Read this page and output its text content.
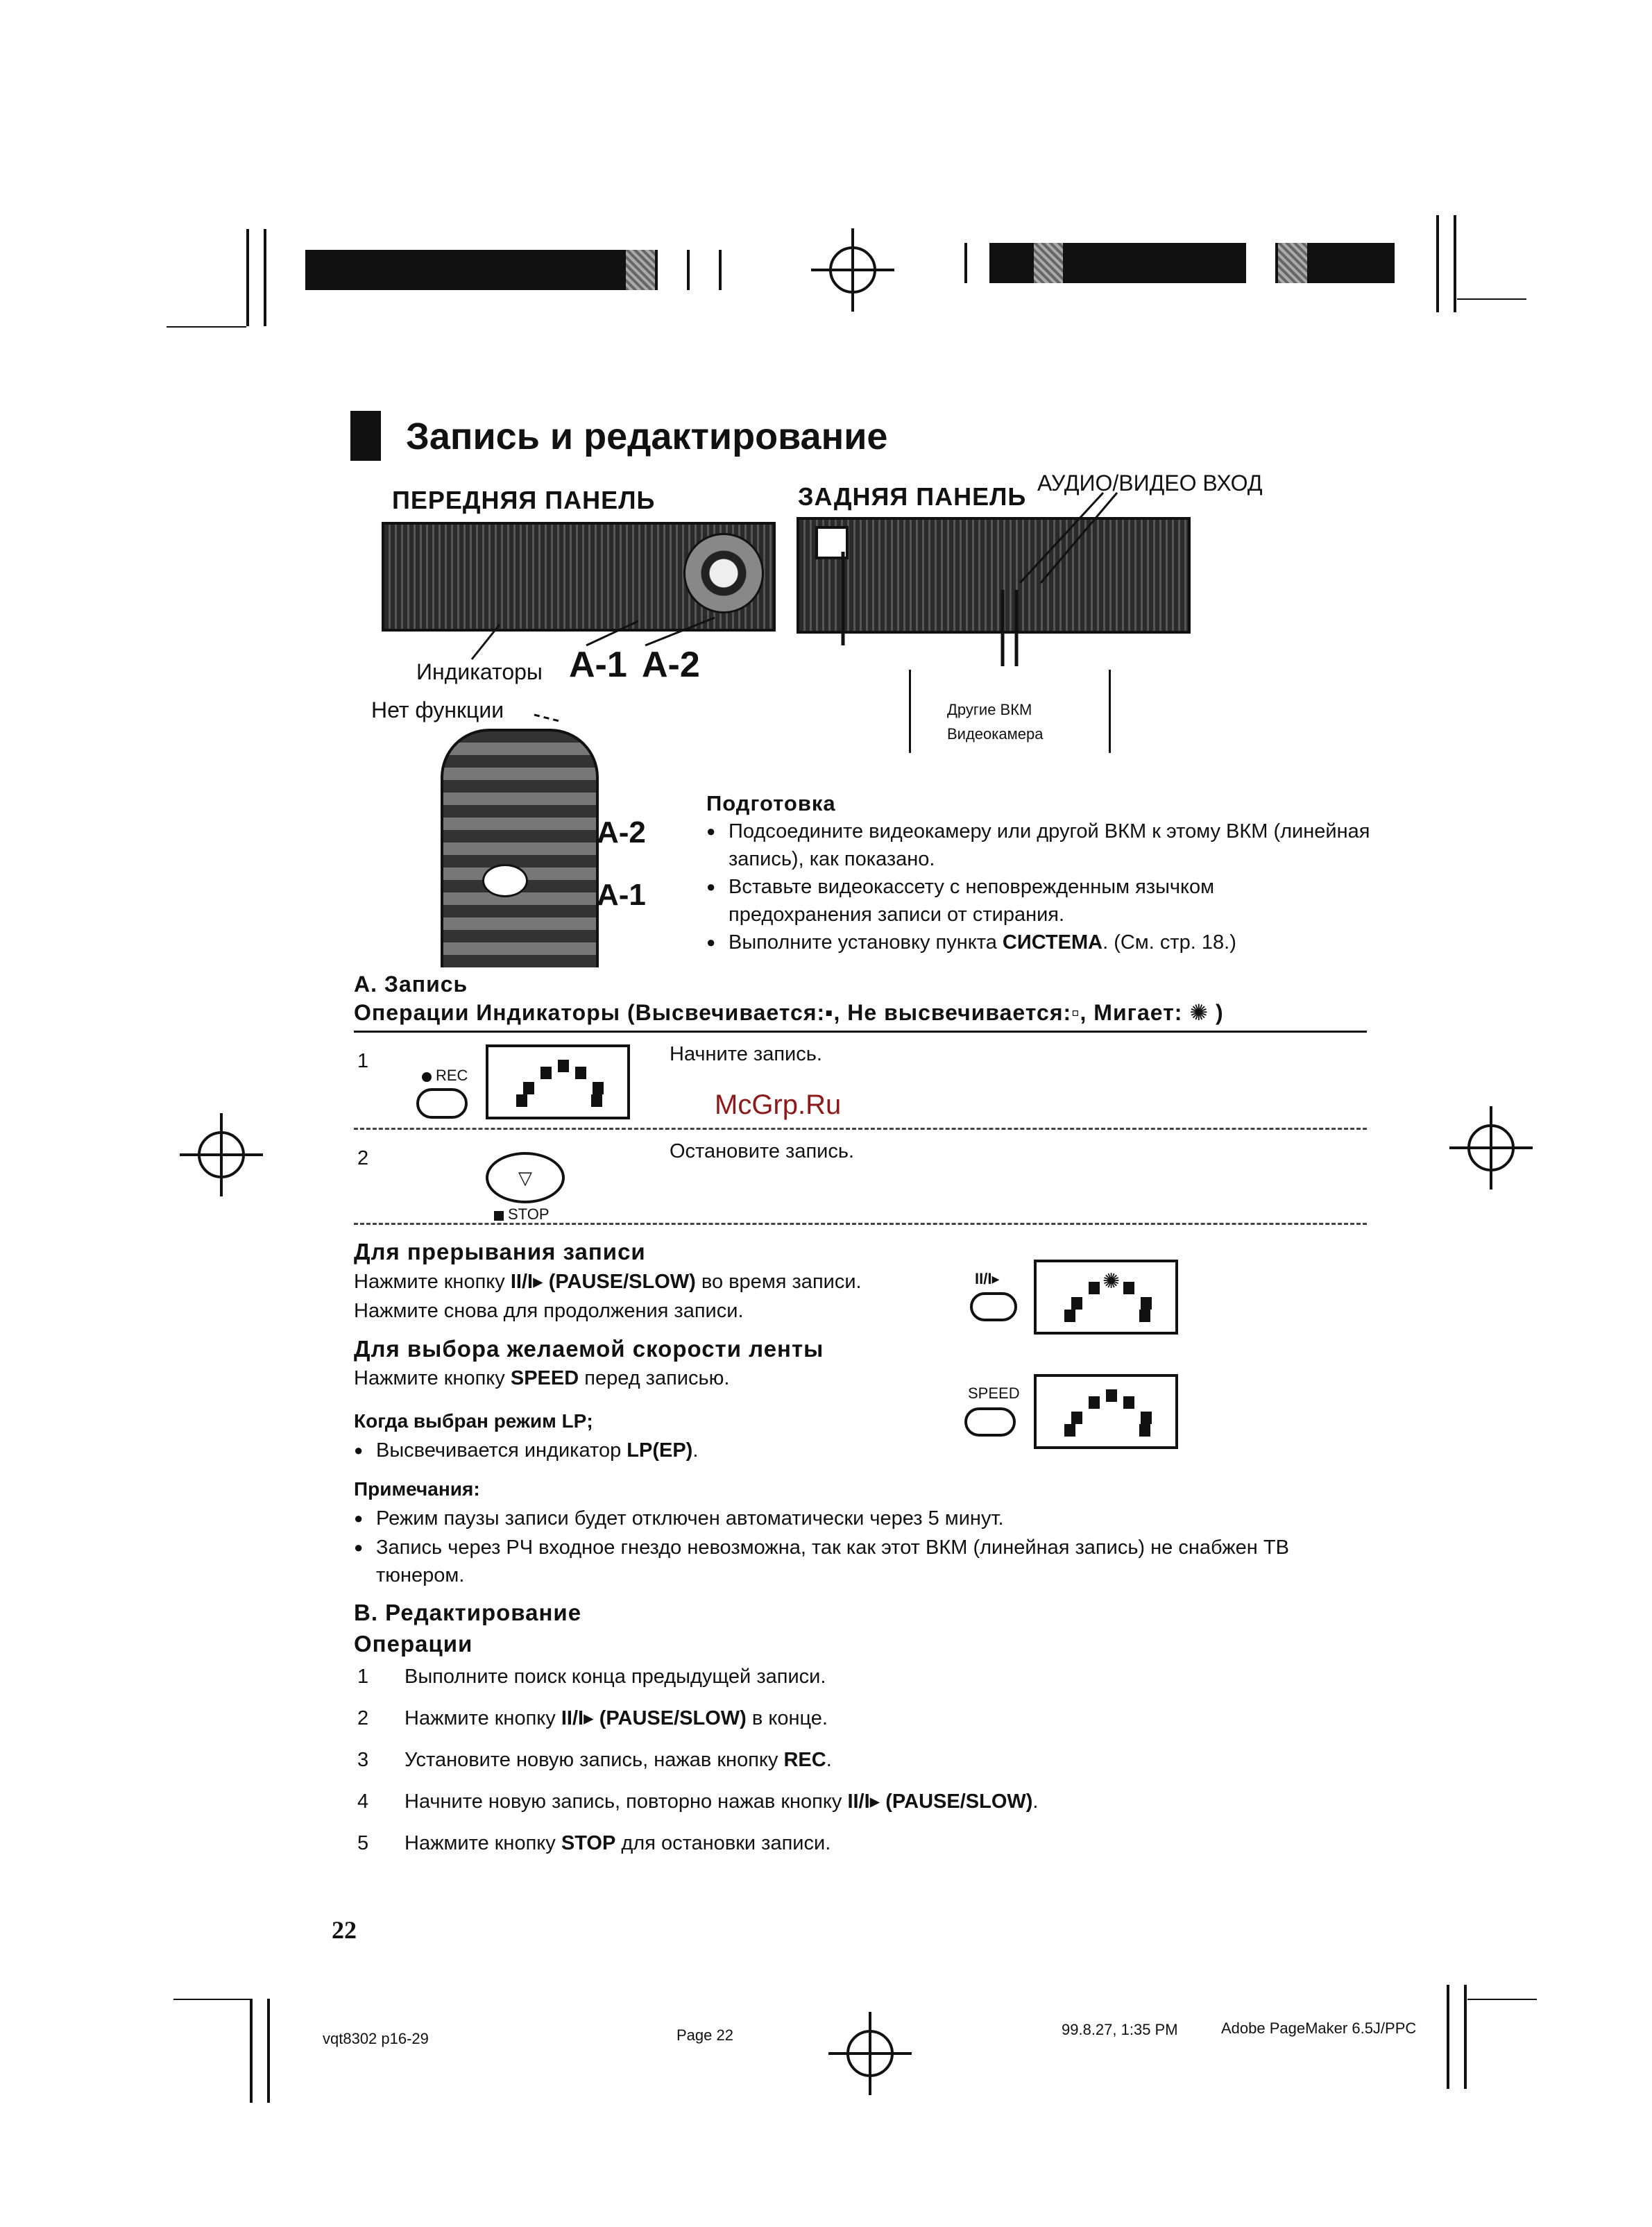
Запись и редактирование
ПЕРЕДНЯЯ ПАНЕЛЬ	ЗАДНЯЯ ПАНЕЛЬ АУДИО/ВИДЕО ВХОД
Индикаторы A-1 A-2
Другие ВКМ
Видеокамера
Нет функции
A-2
A-1
Подготовка
● Подсоедините видеокамеру или другой ВКМ к этому ВКМ (линейная запись), как показано.
● Вставьте видеокассету с неповрежденным язычком предохранения записи от стирания.
● Выполните установку пункта СИСТЕМА. (См. стр. 18.)
A. Запись
Операции Индикаторы (Высвечивается:▪, Не высвечивается:▫, Мигает: ✺ )
1
REC
Начните запись.
McGrp.Ru
2
▽
STOP
Остановите запись.
Для прерывания записи
Нажмите кнопку II/I▸ (PAUSE/SLOW) во время записи.
Нажмите снова для продолжения записи.
II/I▸	✺
Для выбора желаемой скорости ленты
Нажмите кнопку SPEED перед записью.
Когда выбран режим LP;
● Высвечивается индикатор LP(EP).
SPEED
Примечания:
● Режим паузы записи будет отключен автоматически через 5 минут.
● Запись через РЧ входное гнездо невозможна, так как этот ВКМ (линейная запись) не снабжен ТВ тюнером.
B. Редактирование
Операции
1 Выполните поиск конца предыдущей записи.
2 Нажмите кнопку II/I▸ (PAUSE/SLOW) в конце.
3 Установите новую запись, нажав кнопку REC.
4 Начните новую запись, повторно нажав кнопку II/I▸ (PAUSE/SLOW).
5 Нажмите кнопку STOP для остановки записи.
22
vqt8302 p16-29	Page 22	99.8.27, 1:35 PM	Adobe PageMaker 6.5J/PPC
